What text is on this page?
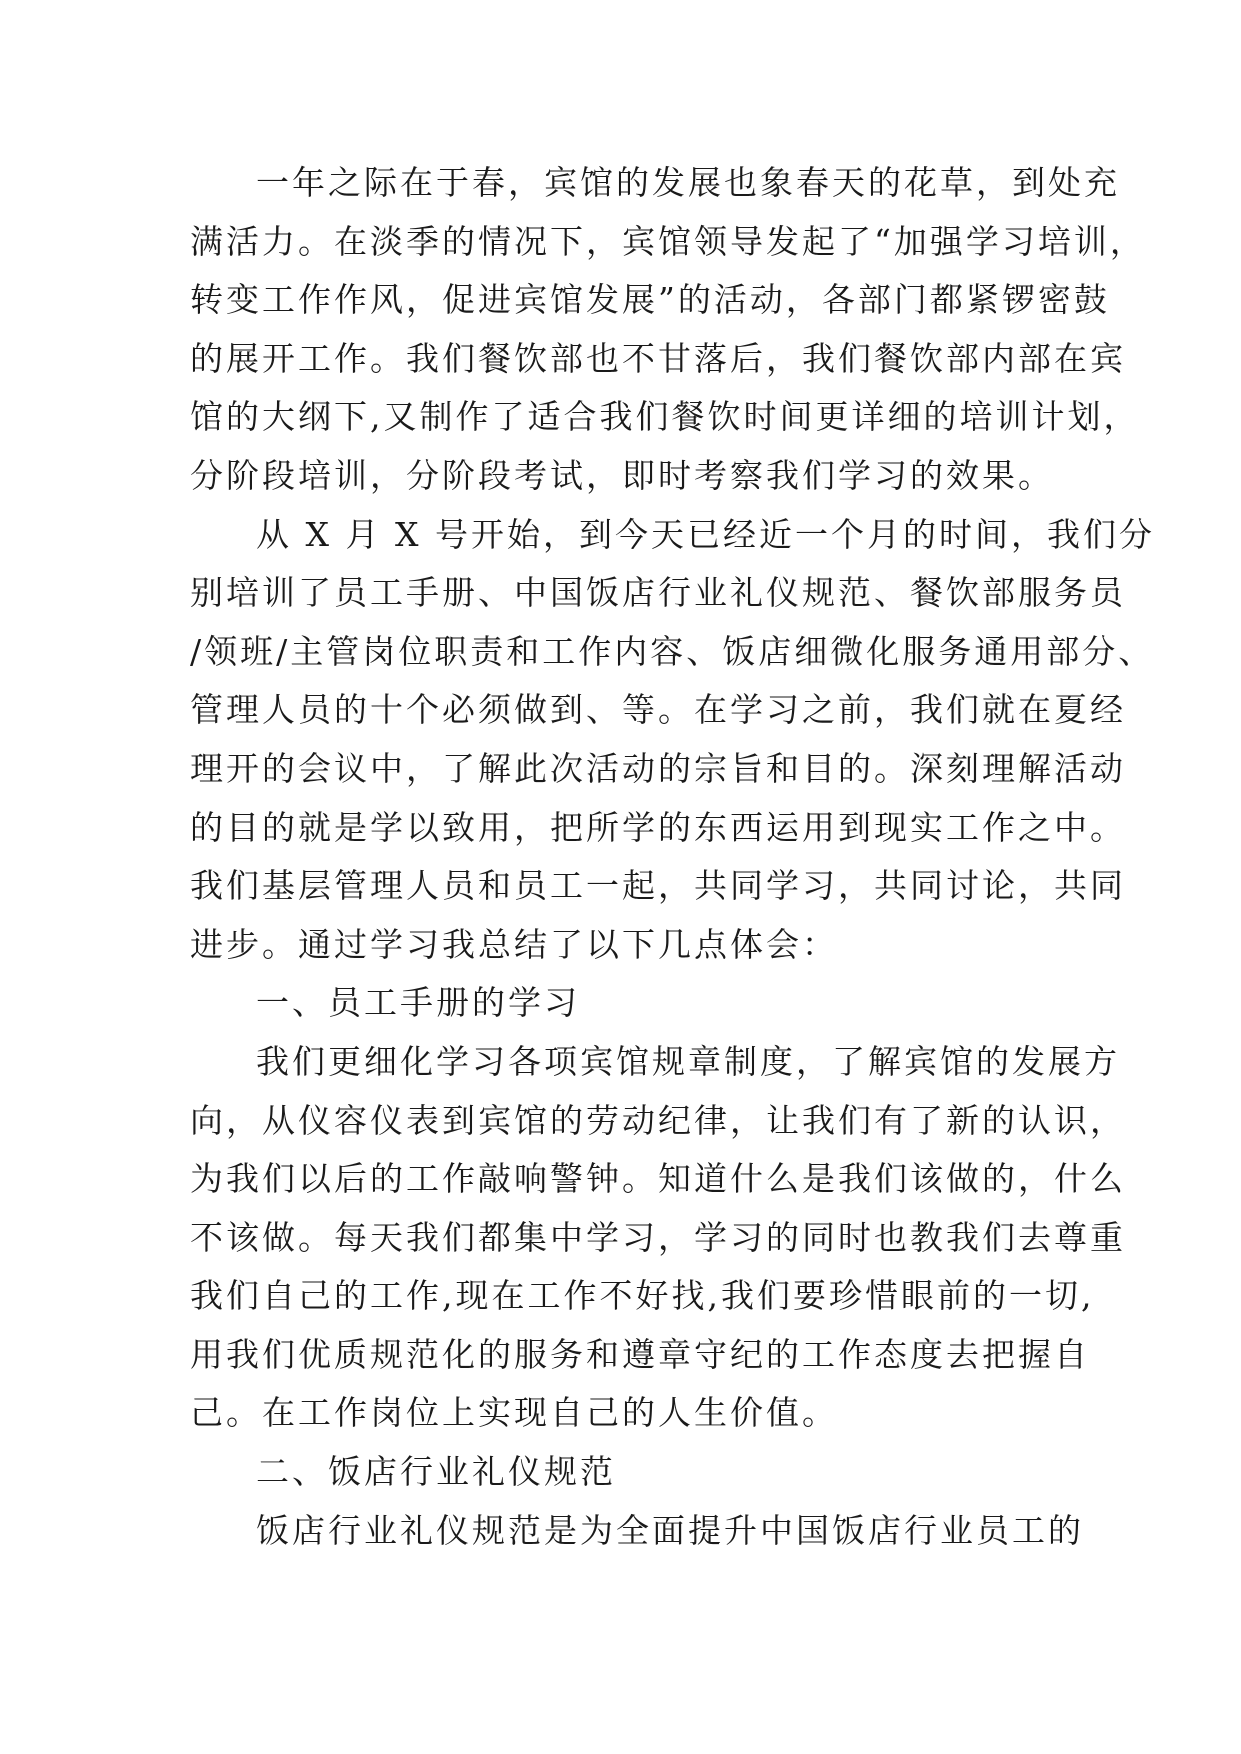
一年之际在于春，宾馆的发展也象春天的花草，到处充
满活力。在淡季的情况下，宾馆领导发起了“加强学习培训，
转变工作作风，促进宾馆发展”的活动，各部门都紧锣密鼓
的展开工作。我们餐饮部也不甘落后，我们餐饮部内部在宾
馆的大纲下,又制作了适合我们餐饮时间更详细的培训计划，
分阶段培训，分阶段考试，即时考察我们学习的效果。
从 X 月 X 号开始，到今天已经近一个月的时间，我们分
别培训了员工手册、中国饭店行业礼仪规范、餐饮部服务员
/领班/主管岗位职责和工作内容、饭店细微化服务通用部分、
管理人员的十个必须做到、等。在学习之前，我们就在夏经
理开的会议中，了解此次活动的宗旨和目的。深刻理解活动
的目的就是学以致用，把所学的东西运用到现实工作之中。
我们基层管理人员和员工一起，共同学习，共同讨论，共同
进步。通过学习我总结了以下几点体会：
一、员工手册的学习
我们更细化学习各项宾馆规章制度，了解宾馆的发展方
向，从仪容仪表到宾馆的劳动纪律，让我们有了新的认识，
为我们以后的工作敲响警钟。知道什么是我们该做的，什么
不该做。每天我们都集中学习，学习的同时也教我们去尊重
我们自己的工作,现在工作不好找,我们要珍惜眼前的一切,
用我们优质规范化的服务和遵章守纪的工作态度去把握自
己。在工作岗位上实现自己的人生价值。
二、饭店行业礼仪规范
饭店行业礼仪规范是为全面提升中国饭店行业员工的
